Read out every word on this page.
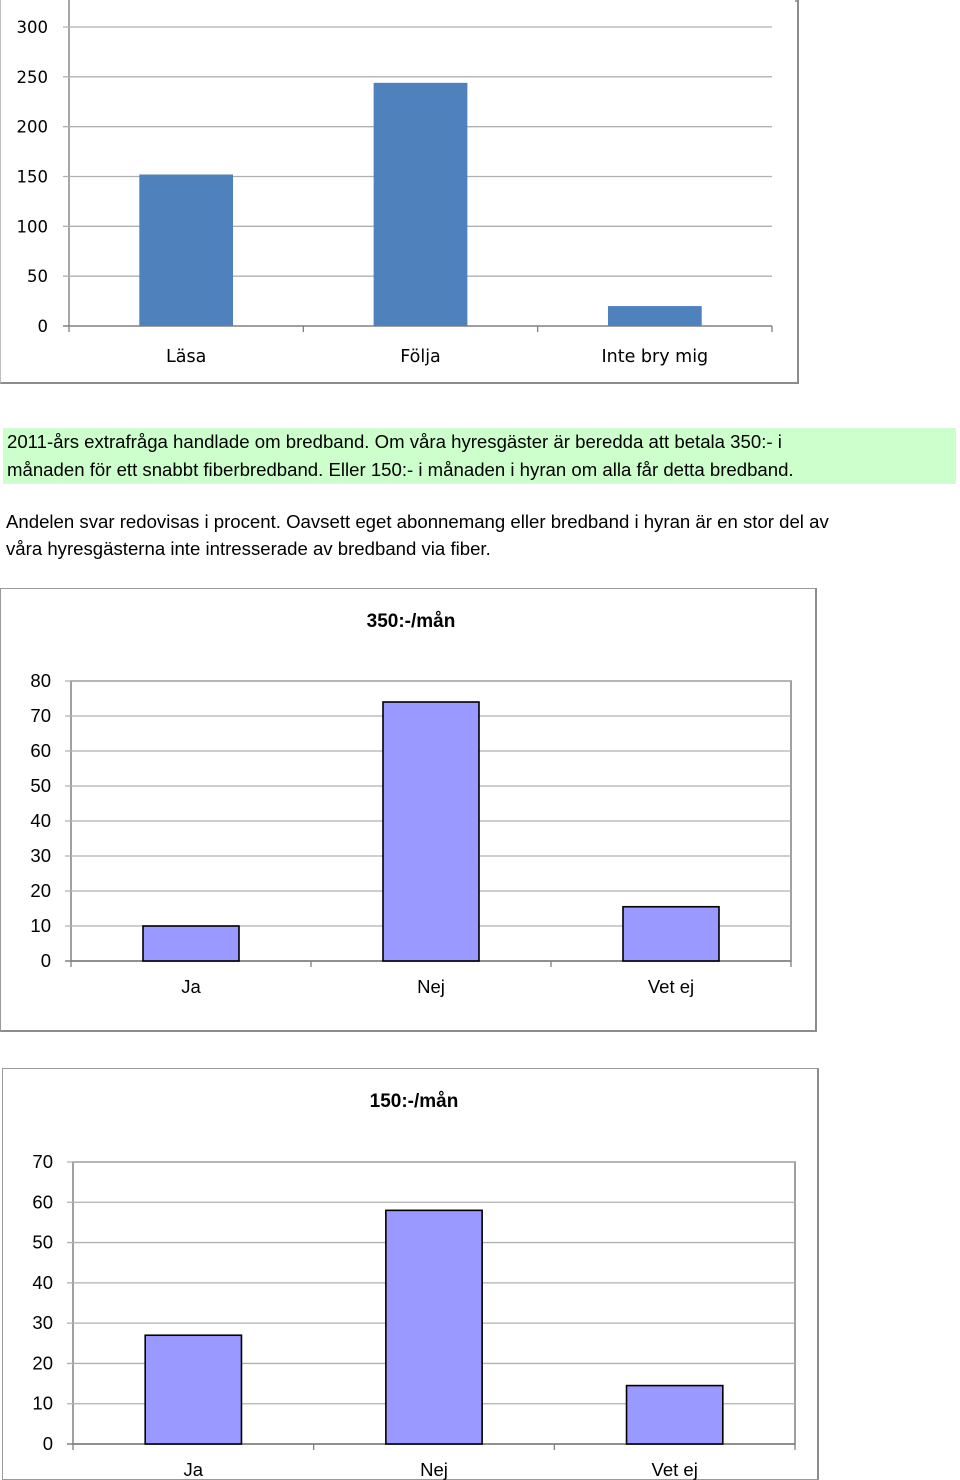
0
50
100
150
200
250
300
Läsa	Följa	Inte bry mig
2011-års extrafråga handlade om bredband. Om våra hyresgäster är beredda att betala 350:- i
månaden för ett snabbt fiberbredband. Eller 150:- i månaden i hyran om alla får detta bredband.
Andelen svar redovisas i procent. Oavsett eget abonnemang eller bredband i hyran är en stor del av
våra hyresgästerna inte intresserade av bredband via fiber.
350:-/mån
0
10
20
30
40
50
60
70
80
Ja	Nej	Vet ej
150:-/mån
0
10
20
30
40
50
60
70
Ja	Nej	Vet ej
